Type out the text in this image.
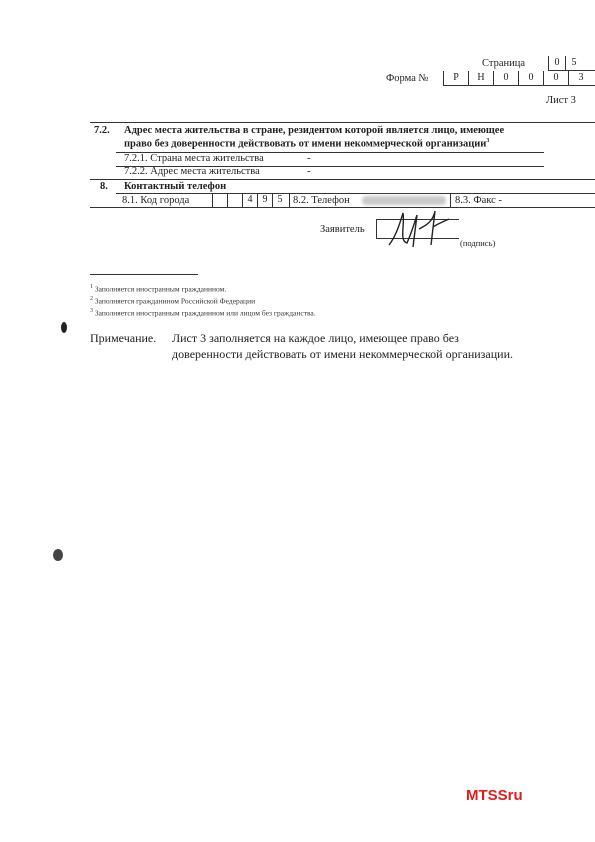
Страница	0	5
Форма №	Р	Н	0	0	0	3
Лист 3
7.2. Адрес места жительства в стране, резидентом которой является лицо, имеющее
право без доверенности действовать от имени некоммерческой организации$^3$
7.2.1. Страна места жительства	-
7.2.2. Адрес места жительства	-
8. Контактный телефон
8.1. Код города	4	9	5	8.2. Телефон	8.3. Факс -
Заявитель
(подпись)
$^1$ Заполняется иностранным гражданином.
$^2$ Заполняется гражданином Российской Федерации
$^3$ Заполняется иностранным гражданином или лицом без гражданства.
Примечание. Лист 3 заполняется на каждое лицо, имеющее право без
доверенности действовать от имени некоммерческой организации.
MTSSru
